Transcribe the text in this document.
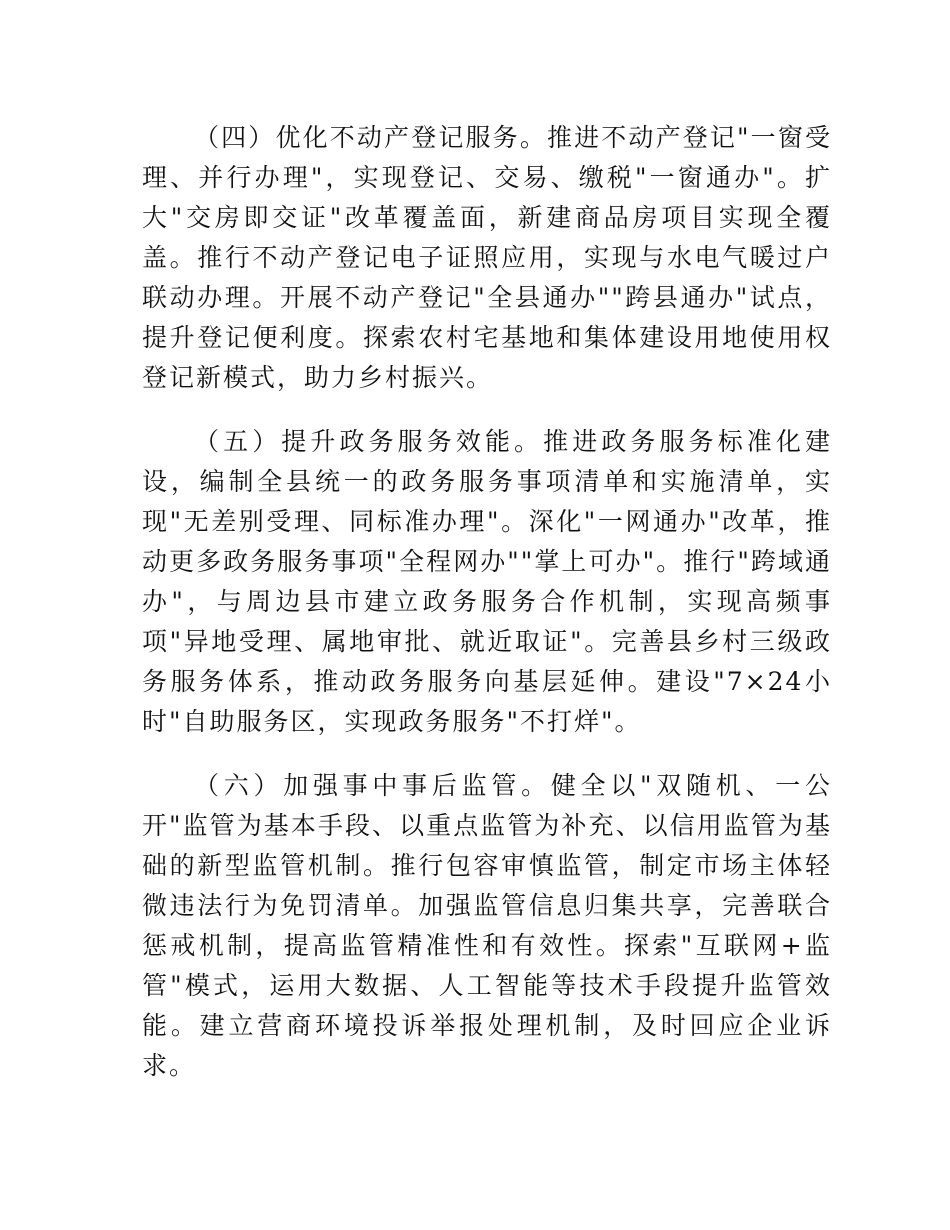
（四）优化不动产登记服务。推进不动产登记"一窗受理、并行办理"，实现登记、交易、缴税"一窗通办"。扩大"交房即交证"改革覆盖面，新建商品房项目实现全覆盖。推行不动产登记电子证照应用，实现与水电气暖过户联动办理。开展不动产登记"全县通办""跨县通办"试点，提升登记便利度。探索农村宅基地和集体建设用地使用权登记新模式，助力乡村振兴。

（五）提升政务服务效能。推进政务服务标准化建设，编制全县统一的政务服务事项清单和实施清单，实现"无差别受理、同标准办理"。深化"一网通办"改革，推动更多政务服务事项"全程网办""掌上可办"。推行"跨域通办"，与周边县市建立政务服务合作机制，实现高频事项"异地受理、属地审批、就近取证"。完善县乡村三级政务服务体系，推动政务服务向基层延伸。建设"7×24小时"自助服务区，实现政务服务"不打烊"。

（六）加强事中事后监管。健全以"双随机、一公开"监管为基本手段、以重点监管为补充、以信用监管为基础的新型监管机制。推行包容审慎监管，制定市场主体轻微违法行为免罚清单。加强监管信息归集共享，完善联合惩戒机制，提高监管精准性和有效性。探索"互联网+监管"模式，运用大数据、人工智能等技术手段提升监管效能。建立营商环境投诉举报处理机制，及时回应企业诉求。
